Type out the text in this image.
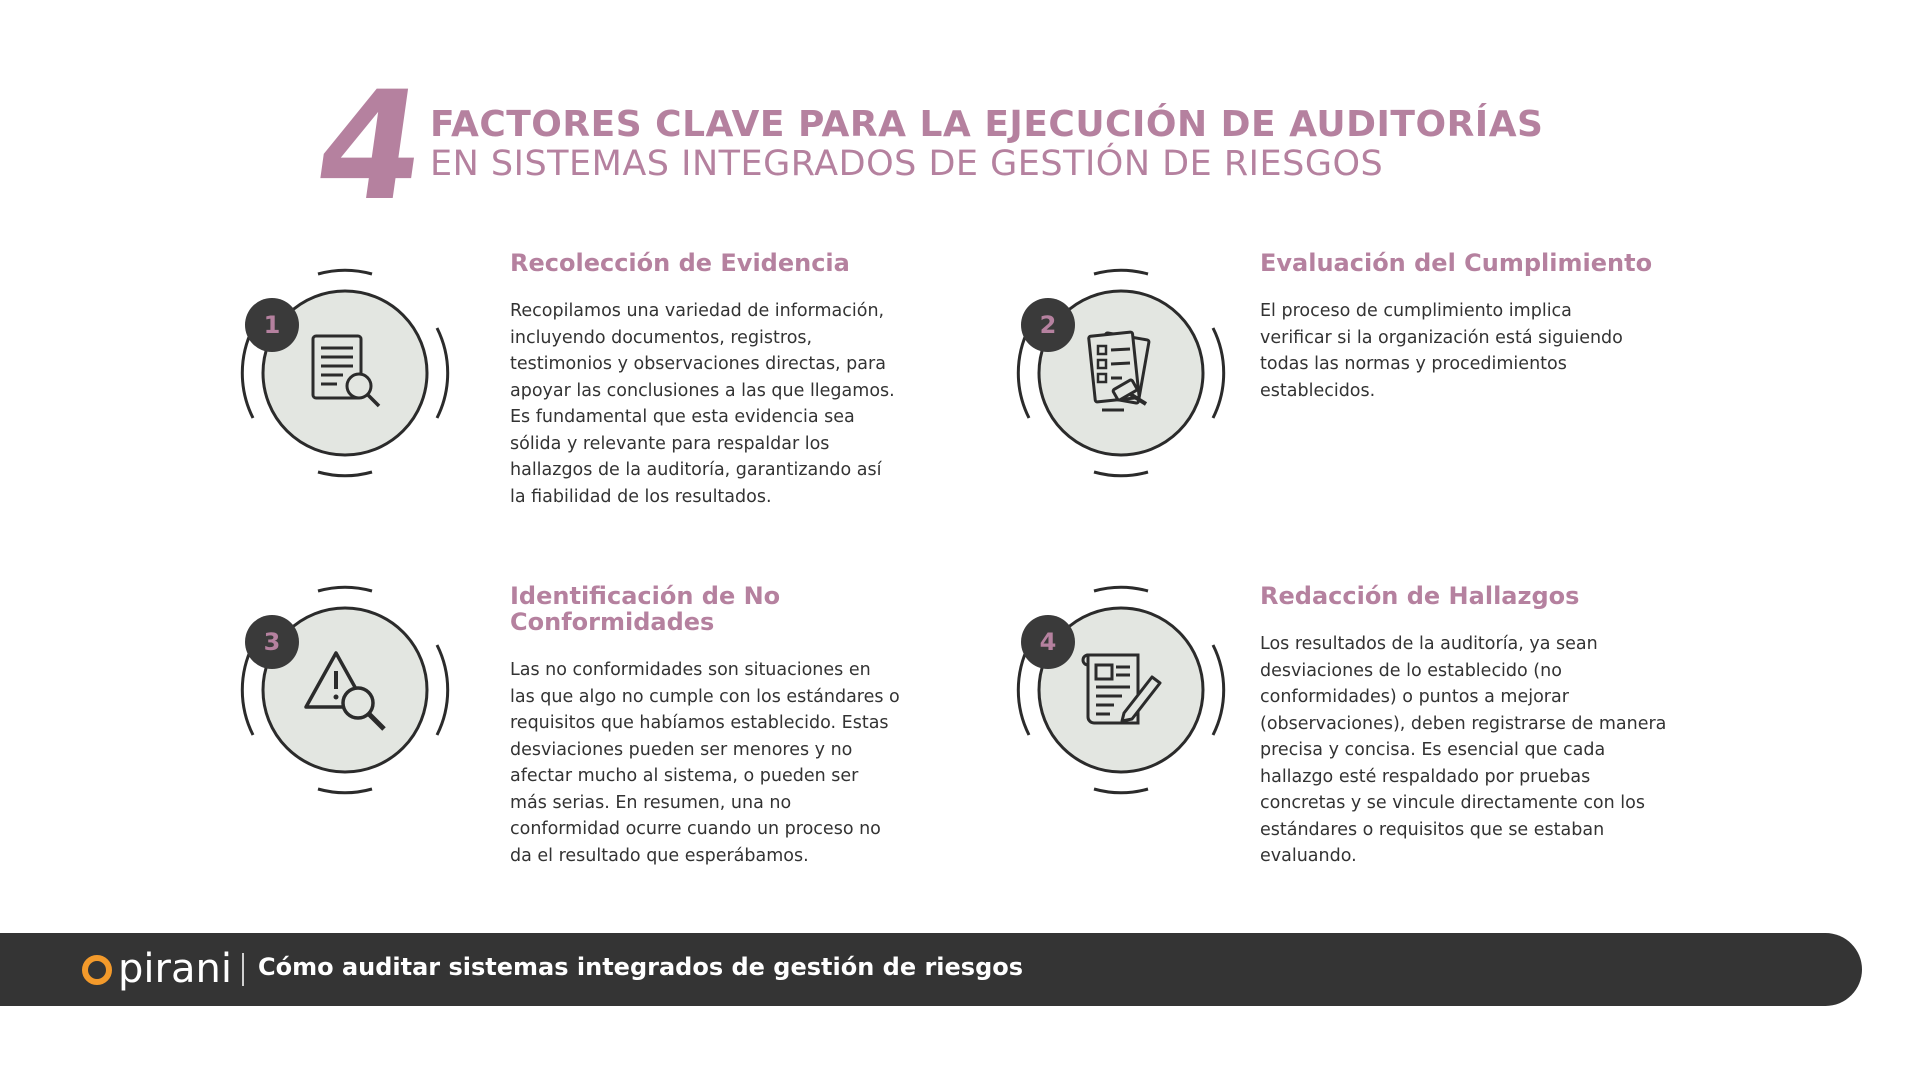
4
FACTORES CLAVE PARA LA EJECUCIÓN DE AUDITORÍAS
EN SISTEMAS INTEGRADOS DE GESTIÓN DE RIESGOS
1
Recolección de Evidencia
Recopilamos una variedad de información, incluyendo documentos, registros, testimonios y observaciones directas, para apoyar las conclusiones a las que llegamos. Es fundamental que esta evidencia sea sólida y relevante para respaldar los hallazgos de la auditoría, garantizando así la fiabilidad de los resultados.
2
Evaluación del Cumplimiento
El proceso de cumplimiento implica verificar si la organización está siguiendo todas las normas y procedimientos establecidos.
3
Identificación de No Conformidades
Las no conformidades son situaciones en las que algo no cumple con los estándares o requisitos que habíamos establecido. Estas desviaciones pueden ser menores y no afectar mucho al sistema, o pueden ser más serias. En resumen, una no conformidad ocurre cuando un proceso no da el resultado que esperábamos.
4
Redacción de Hallazgos
Los resultados de la auditoría, ya sean desviaciones de lo establecido (no conformidades) o puntos a mejorar (observaciones), deben registrarse de manera precisa y concisa. Es esencial que cada hallazgo esté respaldado por pruebas concretas y se vincule directamente con los estándares o requisitos que se estaban evaluando.
pirani Cómo auditar sistemas integrados de gestión de riesgos
